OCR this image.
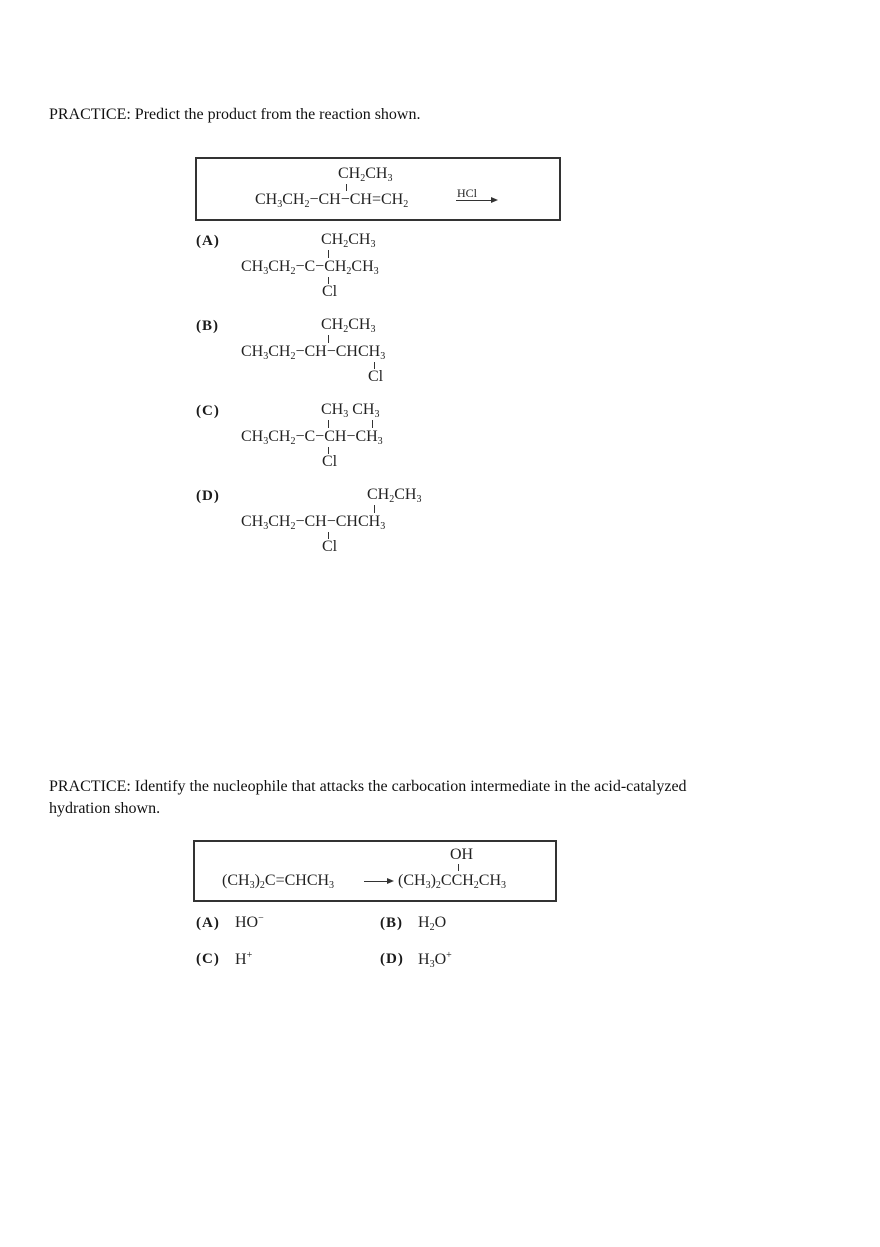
PRACTICE: Predict the product from the reaction shown.
$CH_2CH_3$
$CH_3CH_2-CH-CH=CH_2$
HCl
(A)	$CH_2CH_3$
$CH_3CH_2-C-CH_2CH_3$
Cl
(B)	$CH_2CH_3$
$CH_3CH_2-CH-CHCH_3$
Cl
(C)	$CH_3$ $CH_3$
$CH_3CH_2-C-CH-CH_3$
Cl
(D)	$CH_2CH_3$
$CH_3CH_2-CH-CHCH_3$
Cl
PRACTICE: Identify the nucleophile that attacks the carbocation intermediate in the acid-catalyzed
hydration shown.
OH
$(CH_3)_2C=CHCH_3 \to (CH_3)_2CCH_2CH_3$
(A) HO−	(B) $H_2O$
(C) H+	(D) $H_3O^+$
